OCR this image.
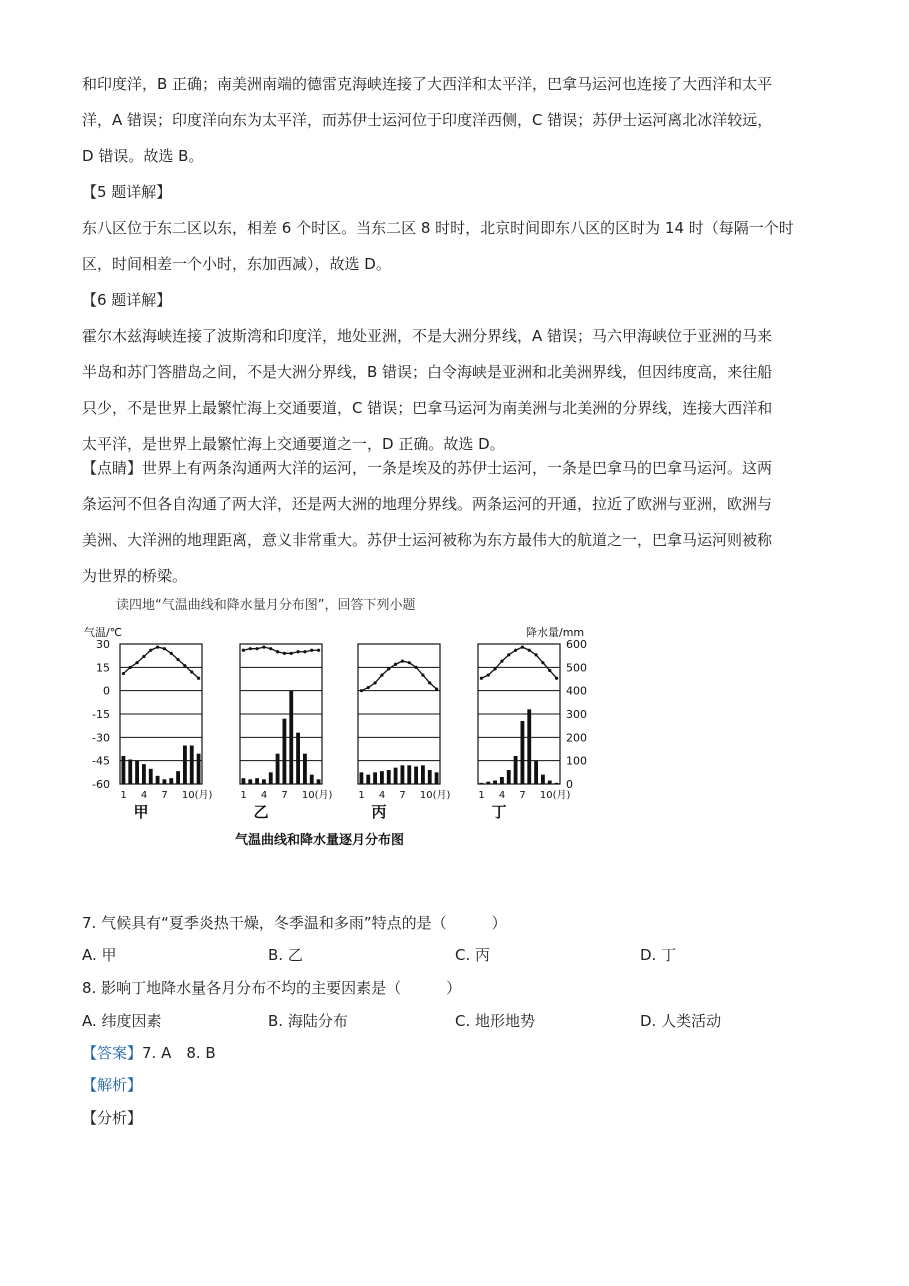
和印度洋，B 正确；南美洲南端的德雷克海峡连接了大西洋和太平洋，巴拿马运河也连接了大西洋和太平
洋，A 错误；印度洋向东为太平洋，而苏伊士运河位于印度洋西侧，C 错误；苏伊士运河离北冰洋较远，
D 错误。故选 B。
【5 题详解】
东八区位于东二区以东，相差 6 个时区。当东二区 8 时时，北京时间即东八区的区时为 14 时（每隔一个时
区，时间相差一个小时，东加西减），故选 D。
【6 题详解】
霍尔木兹海峡连接了波斯湾和印度洋，地处亚洲，不是大洲分界线，A 错误；马六甲海峡位于亚洲的马来
半岛和苏门答腊岛之间，不是大洲分界线，B 错误；白令海峡是亚洲和北美洲界线，但因纬度高，来往船
只少，不是世界上最繁忙海上交通要道，C 错误；巴拿马运河为南美洲与北美洲的分界线，连接大西洋和
太平洋，是世界上最繁忙海上交通要道之一，D 正确。故选 D。
【点睛】世界上有两条沟通两大洋的运河，一条是埃及的苏伊士运河，一条是巴拿马的巴拿马运河。这两
条运河不但各自沟通了两大洋，还是两大洲的地理分界线。两条运河的开通，拉近了欧洲与亚洲，欧洲与
美洲、大洋洲的地理距离，意义非常重大。苏伊士运河被称为东方最伟大的航道之一，巴拿马运河则被称
为世界的桥梁。
读四地“气温曲线和降水量月分布图”，回答下列小题
气温/℃	降水量/mm
30
15
0
-15
-30
-45
-60
600
500
400
300
200
100
0
1 4 7 10(月)
甲
1 4 7 10(月)
乙
1 4 7 10(月)
丙
1 4 7 10(月)
丁
气温曲线和降水量逐月分布图
7. 气候具有“夏季炎热干燥，冬季温和多雨”特点的是（　　　）
A. 甲	B. 乙	C. 丙	D. 丁
8. 影响丁地降水量各月分布不均的主要因素是（　　　）
A. 纬度因素	B. 海陆分布	C. 地形地势	D. 人类活动
【答案】7. A　8. B
【解析】
【分析】
